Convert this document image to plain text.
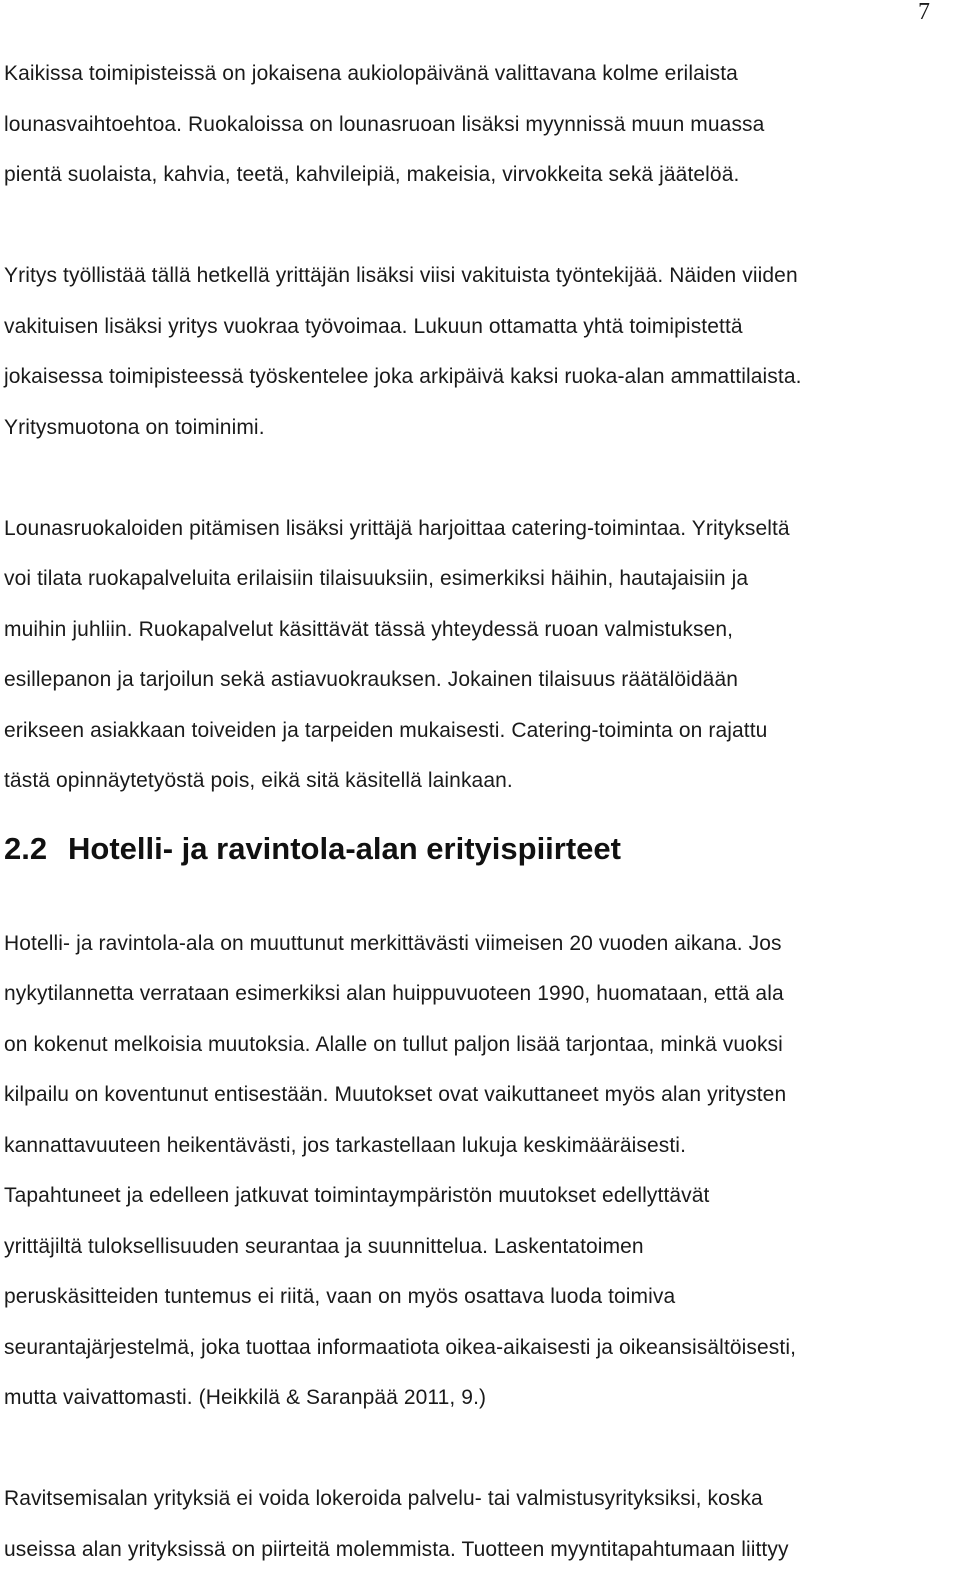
7
Kaikissa toimipisteissä on jokaisena aukiolopäivänä valittavana kolme erilaista
lounasvaihtoehtoa. Ruokaloissa on lounasruoan lisäksi myynnissä muun muassa
pientä suolaista, kahvia, teetä, kahvileipiä, makeisia, virvokkeita sekä jäätelöä.
Yritys työllistää tällä hetkellä yrittäjän lisäksi viisi vakituista työntekijää. Näiden viiden
vakituisen lisäksi yritys vuokraa työvoimaa. Lukuun ottamatta yhtä toimipistettä
jokaisessa toimipisteessä työskentelee joka arkipäivä kaksi ruoka-alan ammattilaista.
Yritysmuotona on toiminimi.
Lounasruokaloiden pitämisen lisäksi yrittäjä harjoittaa catering-toimintaa. Yritykseltä
voi tilata ruokapalveluita erilaisiin tilaisuuksiin, esimerkiksi häihin, hautajaisiin ja
muihin juhliin. Ruokapalvelut käsittävät tässä yhteydessä ruoan valmistuksen,
esillepanon ja tarjoilun sekä astiavuokrauksen. Jokainen tilaisuus räätälöidään
erikseen asiakkaan toiveiden ja tarpeiden mukaisesti. Catering-toiminta on rajattu
tästä opinnäytetyöstä pois, eikä sitä käsitellä lainkaan.
2.2 Hotelli- ja ravintola-alan erityispiirteet
Hotelli- ja ravintola-ala on muuttunut merkittävästi viimeisen 20 vuoden aikana. Jos
nykytilannetta verrataan esimerkiksi alan huippuvuoteen 1990, huomataan, että ala
on kokenut melkoisia muutoksia. Alalle on tullut paljon lisää tarjontaa, minkä vuoksi
kilpailu on koventunut entisestään. Muutokset ovat vaikuttaneet myös alan yritysten
kannattavuuteen heikentävästi, jos tarkastellaan lukuja keskimääräisesti.
Tapahtuneet ja edelleen jatkuvat toimintaympäristön muutokset edellyttävät
yrittäjiltä tuloksellisuuden seurantaa ja suunnittelua. Laskentatoimen
peruskäsitteiden tuntemus ei riitä, vaan on myös osattava luoda toimiva
seurantajärjestelmä, joka tuottaa informaatiota oikea-aikaisesti ja oikeansisältöisesti,
mutta vaivattomasti. (Heikkilä & Saranpää 2011, 9.)
Ravitsemisalan yrityksiä ei voida lokeroida palvelu- tai valmistusyrityksiksi, koska
useissa alan yrityksissä on piirteitä molemmista. Tuotteen myyntitapahtumaan liittyy
